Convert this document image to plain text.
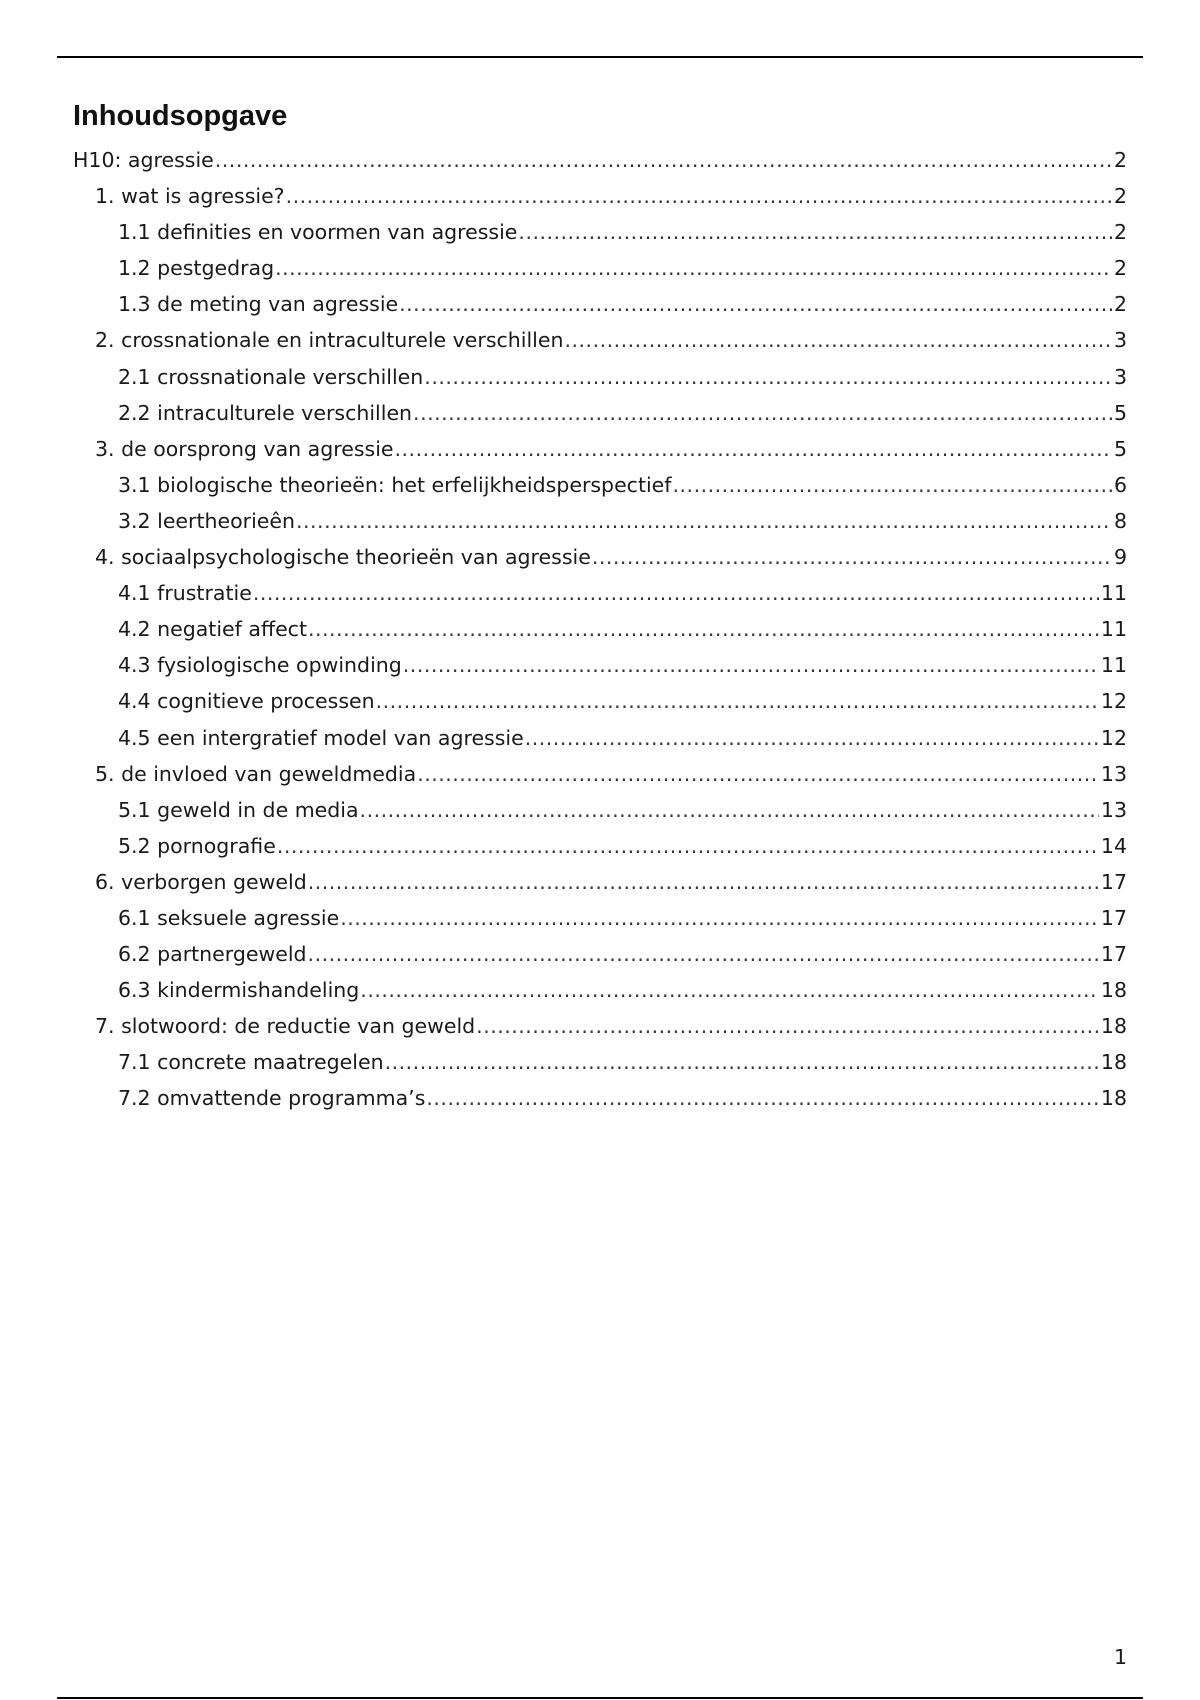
Inhoudsopgave
H10: agressie .....	2
1. wat is agressie? .....	2
1.1 definities en voormen van agressie .....	2
1.2 pestgedrag .....	2
1.3 de meting van agressie .....	2
2. crossnationale en intraculturele verschillen .....	3
2.1 crossnationale verschillen .....	3
2.2 intraculturele verschillen .....	5
3. de oorsprong van agressie .....	5
3.1 biologische theorieën: het erfelijkheidsperspectief .....	6
3.2 leertheorieên .....	8
4. sociaalpsychologische theorieën van agressie .....	9
4.1 frustratie .....	11
4.2 negatief affect .....	11
4.3 fysiologische opwinding .....	11
4.4 cognitieve processen .....	12
4.5 een intergratief model van agressie .....	12
5. de invloed van geweldmedia .....	13
5.1 geweld in de media .....	13
5.2 pornografie .....	14
6. verborgen geweld .....	17
6.1 seksuele agressie .....	17
6.2 partnergeweld .....	17
6.3 kindermishandeling .....	18
7. slotwoord: de reductie van geweld .....	18
7.1 concrete maatregelen .....	18
7.2 omvattende programma’s .....	18
1
